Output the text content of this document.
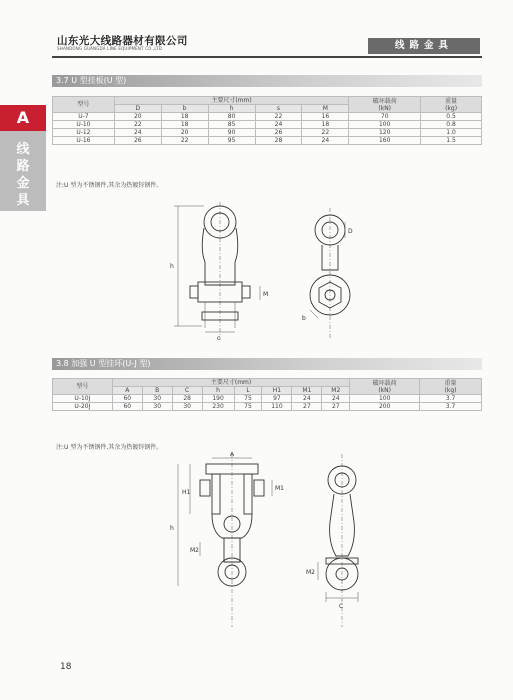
山东光大线路器材有限公司
SHANDONG GUANGDA LINE EQUIPMENT CO.,LTD	线路金具
A
线
路
金
具
3.7 U 型挂板(U 型)
型号	主要尺寸(mm)					破坏载荷
(kN)	重量
(kg)
	D	b	h	s	M		
U-7	20	18	80	22	16	70	0.5
U-10	22	18	85	24	18	100	0.8
U-12	24	20	90	26	22	120	1.0
U-16	26	22	95	28	24	160	1.5
注:U 型为不锈钢件,其余为热镀锌钢件。
h
c
M
D
b
3.8 加强 U 型挂环(U-J 型)
型号	主要尺寸(mm)								破坏载荷
(kN)	重量
(kg)
	A	B	C	h	L	H1	M1	M2		
U-10J	60	30	28	190	75	97	24	24	100	3.7
U-20J	60	30	30	230	75	110	27	27	200	3.7
注:U 型为不锈钢件,其余为热镀锌钢件。
A
H1
h
M2
M1
M2
C
18
